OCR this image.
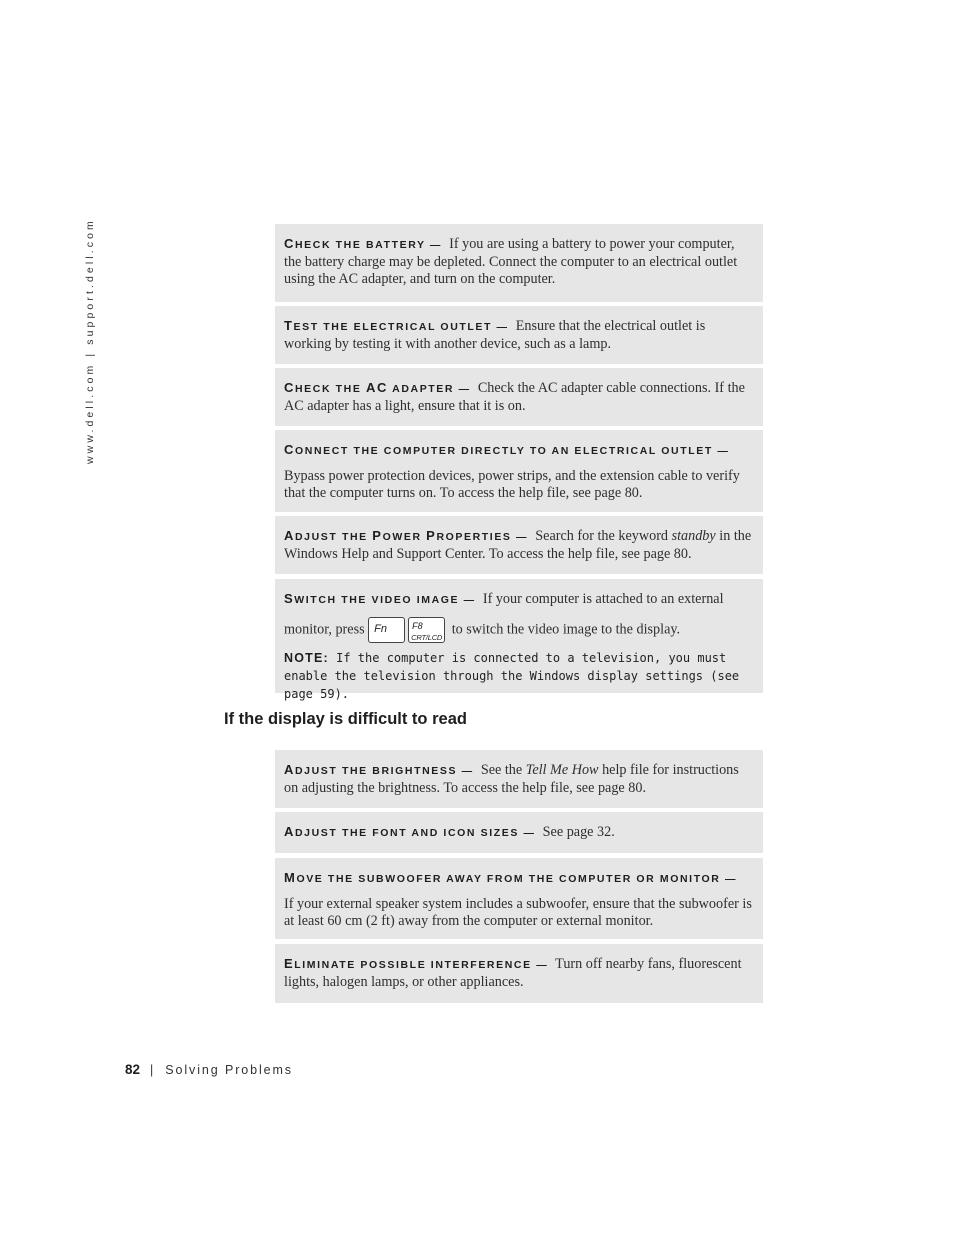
www.dell.com | support.dell.com	CHECK THE BATTERY — If you are using a battery to power your computer, the battery charge may be depleted. Connect the computer to an electrical outlet using the AC adapter, and turn on the computer.
TEST THE ELECTRICAL OUTLET — Ensure that the electrical outlet is working by testing it with another device, such as a lamp.
CHECK THE AC ADAPTER — Check the AC adapter cable connections. If the AC adapter has a light, ensure that it is on.
CONNECT THE COMPUTER DIRECTLY TO AN ELECTRICAL OUTLET —
Bypass power protection devices, power strips, and the extension cable to verify that the computer turns on. To access the help file, see page 80.
ADJUST THE POWER PROPERTIES — Search for the keyword standby in the Windows Help and Support Center. To access the help file, see page 80.
SWITCH THE VIDEO IMAGE — If your computer is attached to an external
monitor, press Fn	F8
CRT/LCD
to switch the video image to the display.
NOTE: If the computer is connected to a television, you must enable the television through the Windows display settings (see page 59).
If the display is difficult to read
ADJUST THE BRIGHTNESS — See the Tell Me How help file for instructions on adjusting the brightness. To access the help file, see page 80.
ADJUST THE FONT AND ICON SIZES — See page 32.
MOVE THE SUBWOOFER AWAY FROM THE COMPUTER OR MONITOR —
If your external speaker system includes a subwoofer, ensure that the subwoofer is at least 60 cm (2 ft) away from the computer or external monitor.
ELIMINATE POSSIBLE INTERFERENCE — Turn off nearby fans, fluorescent lights, halogen lamps, or other appliances.
82 | Solving Problems
